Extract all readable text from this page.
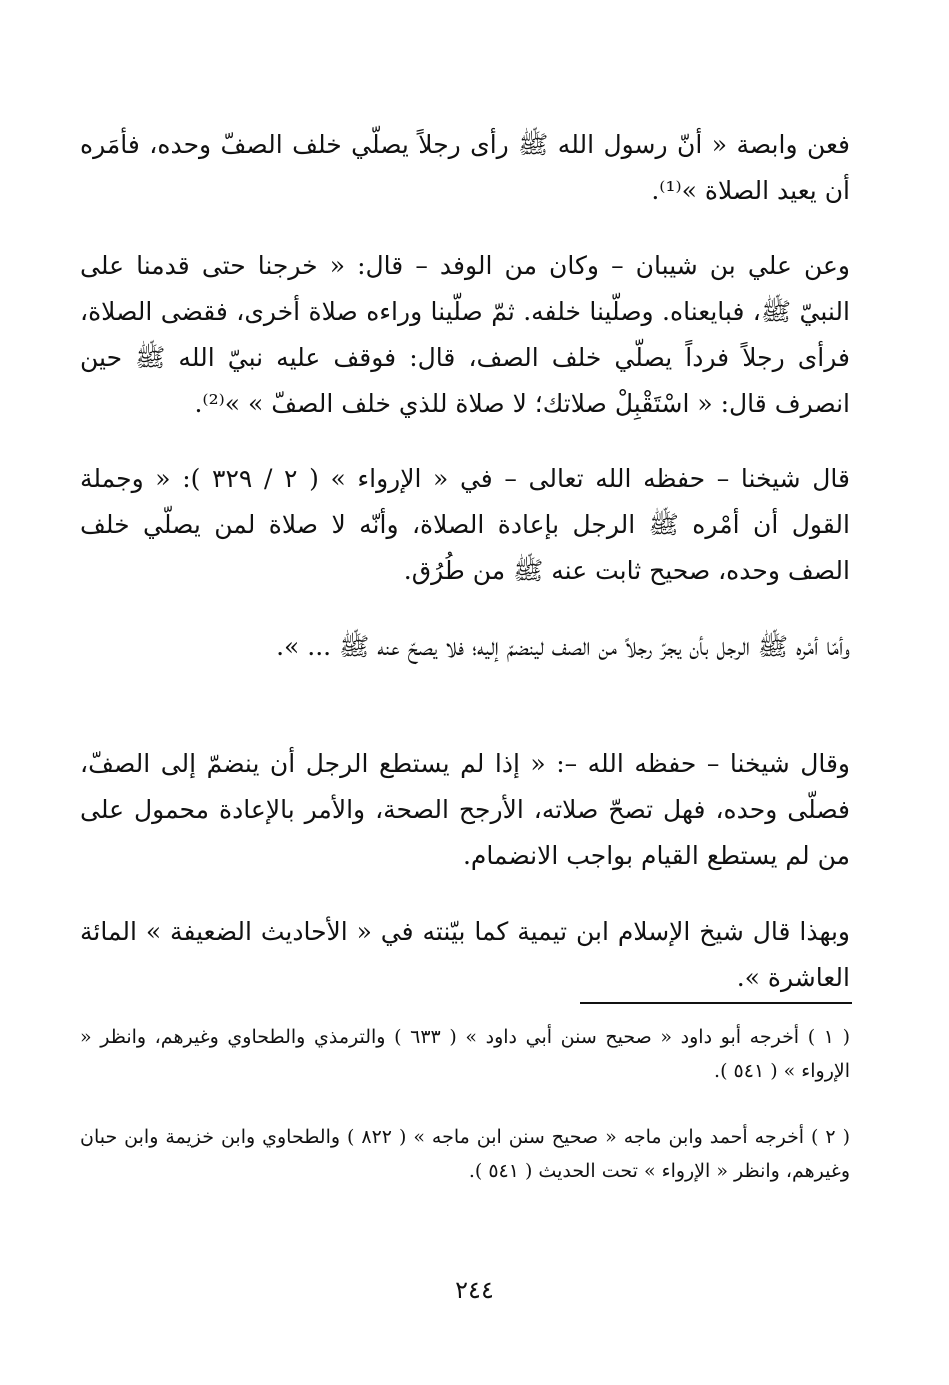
فعن وابصة « أنّ رسول الله ﷺ رأى رجلاً يصلّي خلف الصفّ وحده، فأمَره أن يعيد الصلاة »⁽¹⁾.

وعن علي بن شيبان – وكان من الوفد – قال: « خرجنا حتى قدمنا على النبيّ ﷺ، فبايعناه. وصلّينا خلفه. ثمّ صلّينا وراءه صلاة أخرى، فقضى الصلاة، فرأى رجلاً فرداً يصلّي خلف الصف، قال: فوقف عليه نبيّ الله ﷺ حين انصرف قال: « اسْتَقْبِلْ صلاتك؛ لا صلاة للذي خلف الصفّ » »⁽²⁾.

قال شيخنا – حفظه الله تعالى – في « الإرواء » ( ٢ / ٣٢٩ ): « وجملة القول أن أمْره ﷺ الرجل بإعادة الصلاة، وأنّه لا صلاة لمن يصلّي خلف الصف وحده، صحيح ثابت عنه ﷺ من طُرُق.

وأمّا أمْره ﷺ الرجل بأن يجرّ رجلاً من الصف لينضمّ إليه؛ فلا يصحّ عنه ﷺ ... ».

وقال شيخنا – حفظه الله –: « إذا لم يستطع الرجل أن ينضمّ إلى الصفّ، فصلّى وحده، فهل تصحّ صلاته، الأرجح الصحة، والأمر بالإعادة محمول على من لم يستطع القيام بواجب الانضمام.

وبهذا قال شيخ الإسلام ابن تيمية كما بيّنته في « الأحاديث الضعيفة » المائة العاشرة ».

( ١ ) أخرجه أبو داود « صحيح سنن أبي داود » ( ٦٣٣ ) والترمذي والطحاوي وغيرهم، وانظر « الإرواء » ( ٥٤١ ).

( ٢ ) أخرجه أحمد وابن ماجه « صحيح سنن ابن ماجه » ( ٨٢٢ ) والطحاوي وابن خزيمة وابن حبان وغيرهم، وانظر « الإرواء » تحت الحديث ( ٥٤١ ).

٢٤٤
